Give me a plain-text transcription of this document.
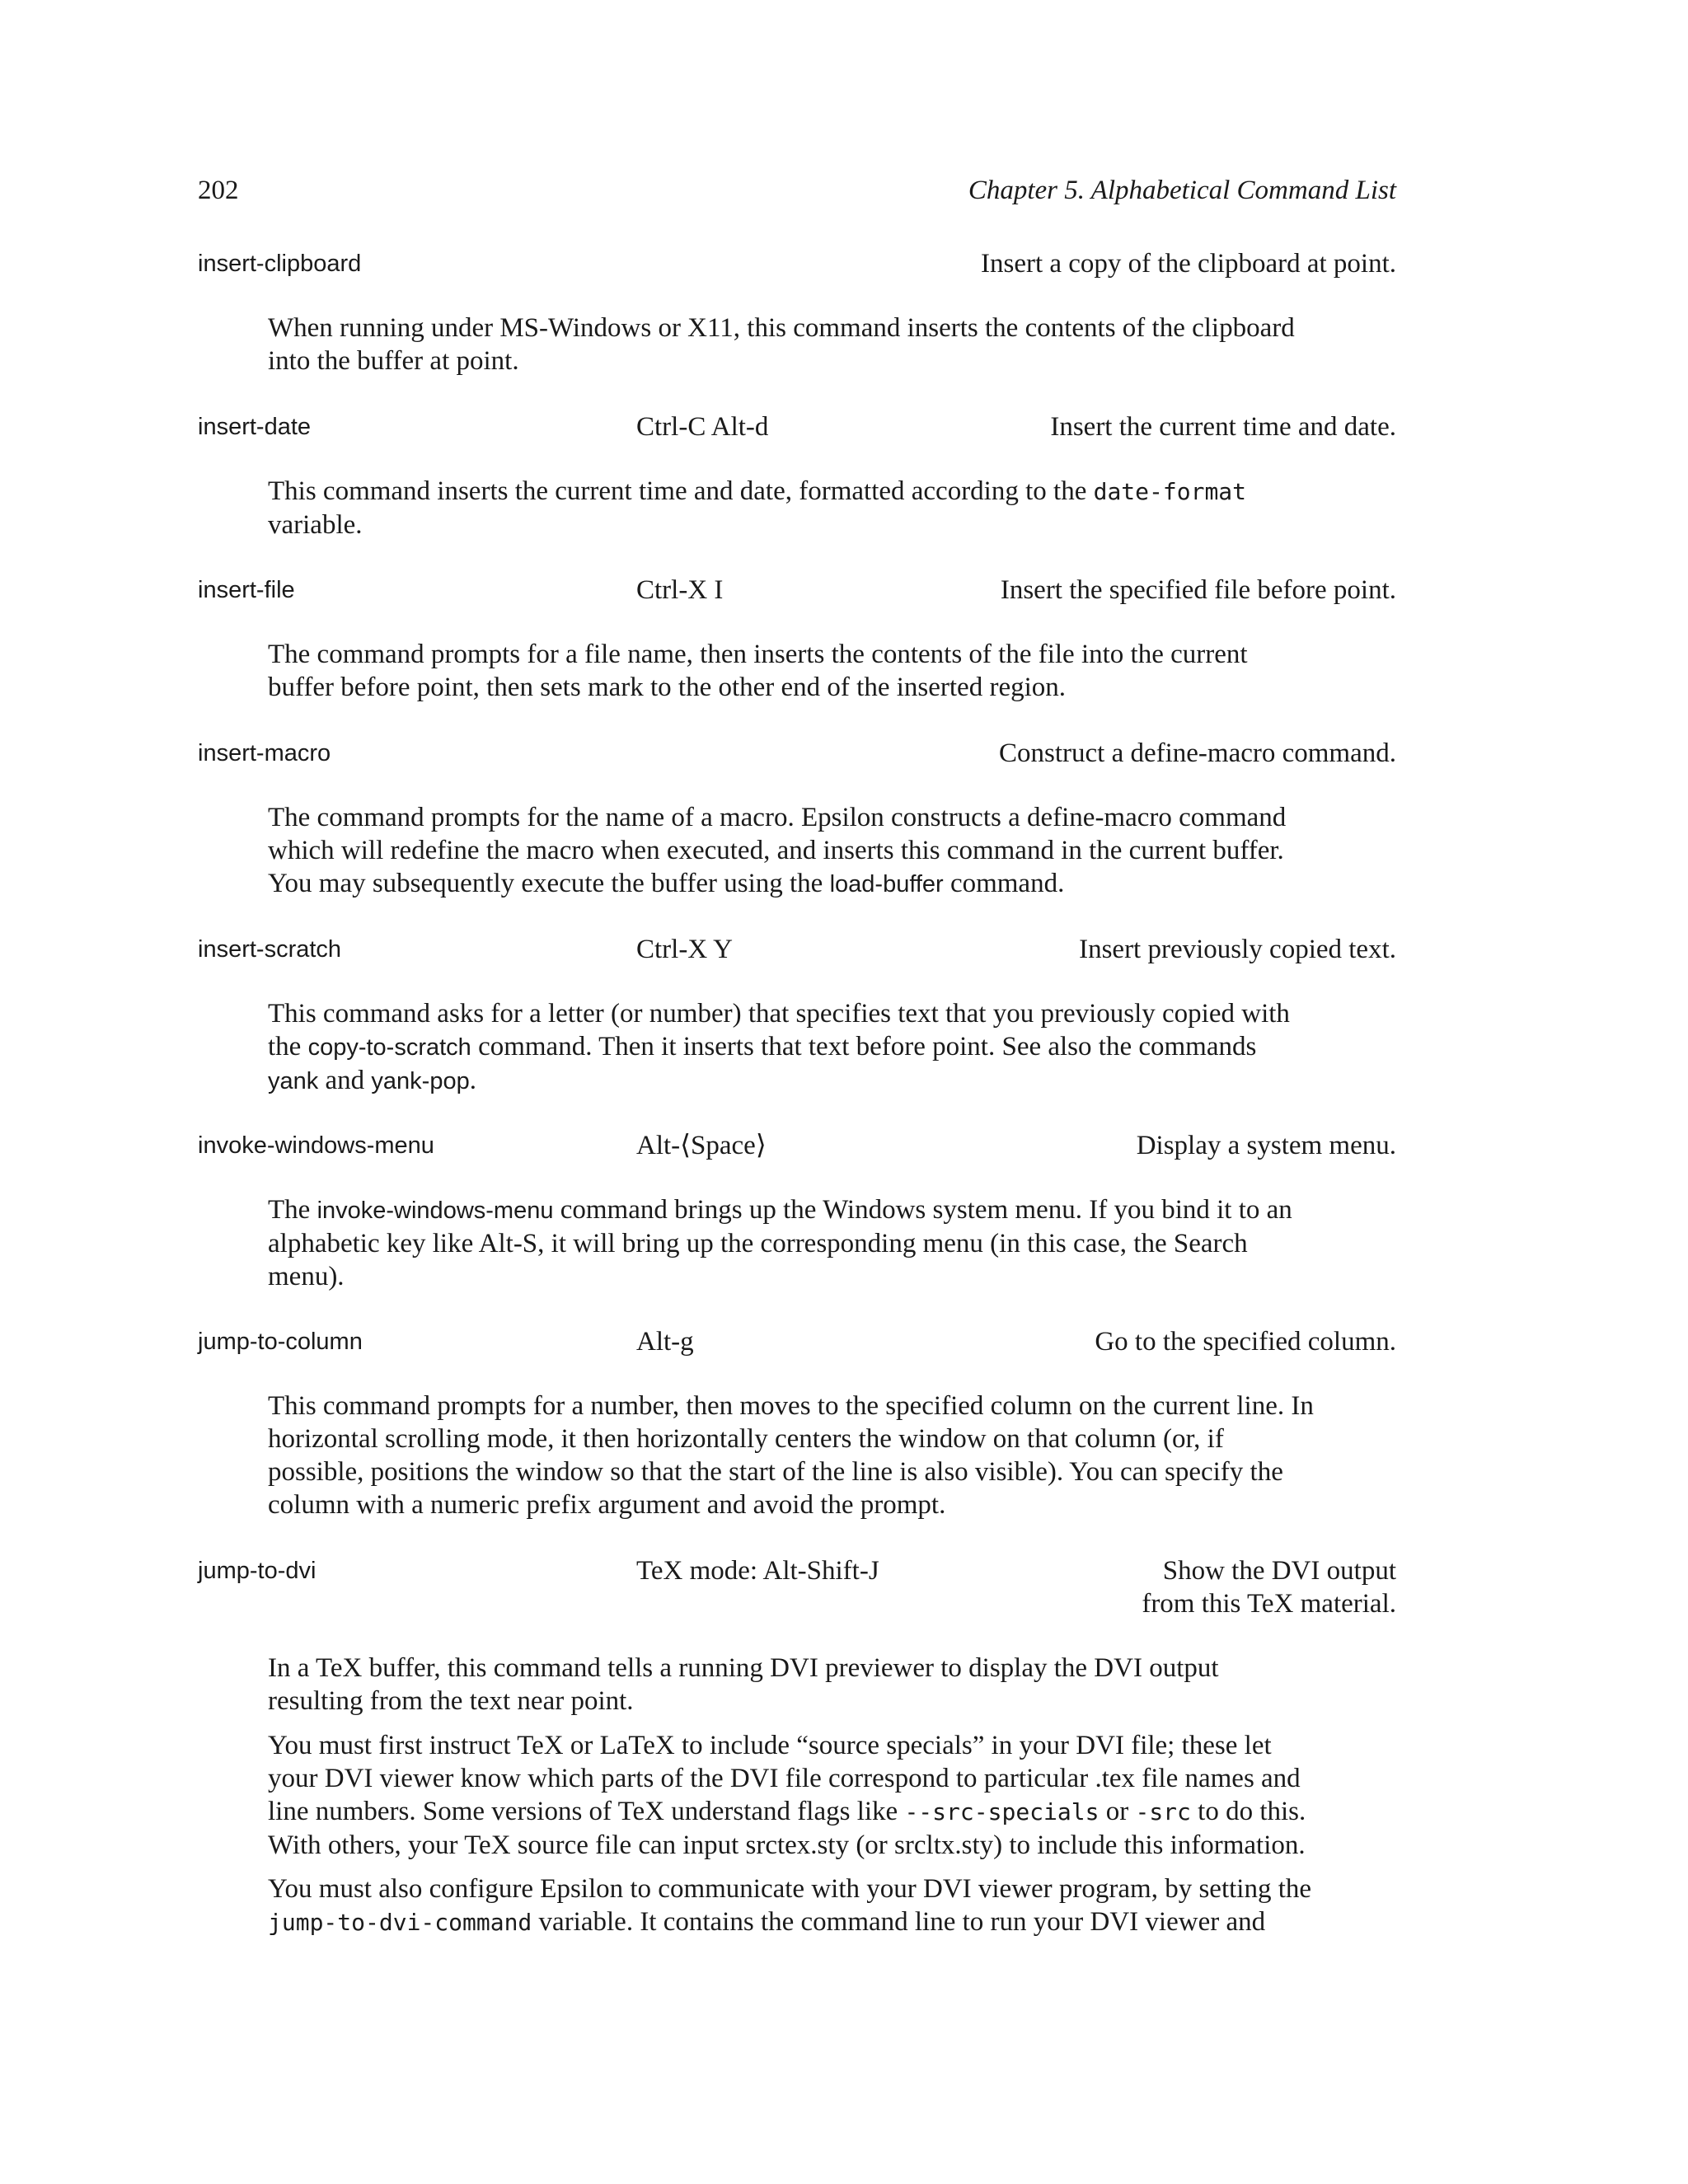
202	Chapter 5. Alphabetical Command List
insert-clipboard	Insert a copy of the clipboard at point.

When running under MS-Windows or X11, this command inserts the contents of the clipboard
into the buffer at point.

insert-date	Ctrl-C Alt-d	Insert the current time and date.

This command inserts the current time and date, formatted according to the date-format
variable.

insert-file	Ctrl-X I	Insert the specified file before point.

The command prompts for a file name, then inserts the contents of the file into the current
buffer before point, then sets mark to the other end of the inserted region.

insert-macro	Construct a define-macro command.

The command prompts for the name of a macro. Epsilon constructs a define-macro command
which will redefine the macro when executed, and inserts this command in the current buffer.
You may subsequently execute the buffer using the load-buffer command.

insert-scratch	Ctrl-X Y	Insert previously copied text.

This command asks for a letter (or number) that specifies text that you previously copied with
the copy-to-scratch command. Then it inserts that text before point. See also the commands
yank and yank-pop.

invoke-windows-menu	Alt-⟨Space⟩	Display a system menu.

The invoke-windows-menu command brings up the Windows system menu. If you bind it to an
alphabetic key like Alt-S, it will bring up the corresponding menu (in this case, the Search
menu).

jump-to-column	Alt-g	Go to the specified column.

This command prompts for a number, then moves to the specified column on the current line. In
horizontal scrolling mode, it then horizontally centers the window on that column (or, if
possible, positions the window so that the start of the line is also visible). You can specify the
column with a numeric prefix argument and avoid the prompt.

jump-to-dvi	TeX mode: Alt-Shift-J	Show the DVI output
from this TeX material.

In a TeX buffer, this command tells a running DVI previewer to display the DVI output
resulting from the text near point.

You must first instruct TeX or LaTeX to include “source specials” in your DVI file; these let
your DVI viewer know which parts of the DVI file correspond to particular .tex file names and
line numbers. Some versions of TeX understand flags like --src-specials or -src to do this.
With others, your TeX source file can input srctex.sty (or srcltx.sty) to include this information.

You must also configure Epsilon to communicate with your DVI viewer program, by setting the
jump-to-dvi-command variable. It contains the command line to run your DVI viewer and
